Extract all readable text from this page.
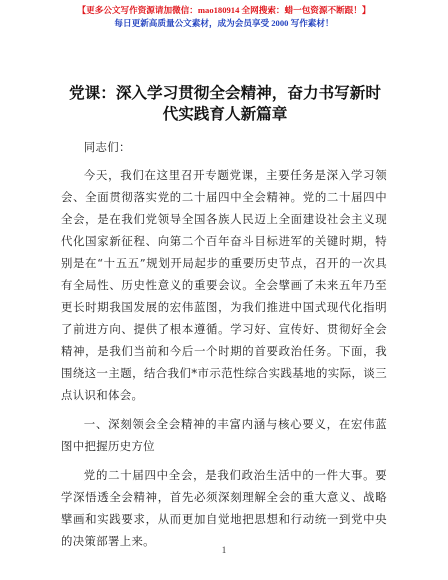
【更多公文写作资源请加微信：mao180914 全网搜索：蜡一包资源不断跟！】
每日更新高质量公文素材，成为会员享受 2000 写作素材！
党课：深入学习贯彻全会精神，奋力书写新时
代实践育人新篇章

同志们：

今天，我们在这里召开专题党课，主要任务是深入学习领会、全面贯彻落实党的二十届四中全会精神。党的二十届四中全会，是在我们党领导全国各族人民迈上全面建设社会主义现代化国家新征程、向第二个百年奋斗目标进军的关键时期，特别是在“十五五”规划开局起步的重要历史节点，召开的一次具有全局性、历史性意义的重要会议。全会擘画了未来五年乃至更长时期我国发展的宏伟蓝图，为我们推进中国式现代化指明了前进方向、提供了根本遵循。学习好、宣传好、贯彻好全会精神，是我们当前和今后一个时期的首要政治任务。下面，我围绕这一主题，结合我们*市示范性综合实践基地的实际，谈三点认识和体会。

一、深刻领会全会精神的丰富内涵与核心要义，在宏伟蓝图中把握历史方位

党的二十届四中全会，是我们政治生活中的一件大事。要学深悟透全会精神，首先必须深刻理解全会的重大意义、战略擘画和实践要求，从而更加自觉地把思想和行动统一到党中央的决策部署上来。

1
